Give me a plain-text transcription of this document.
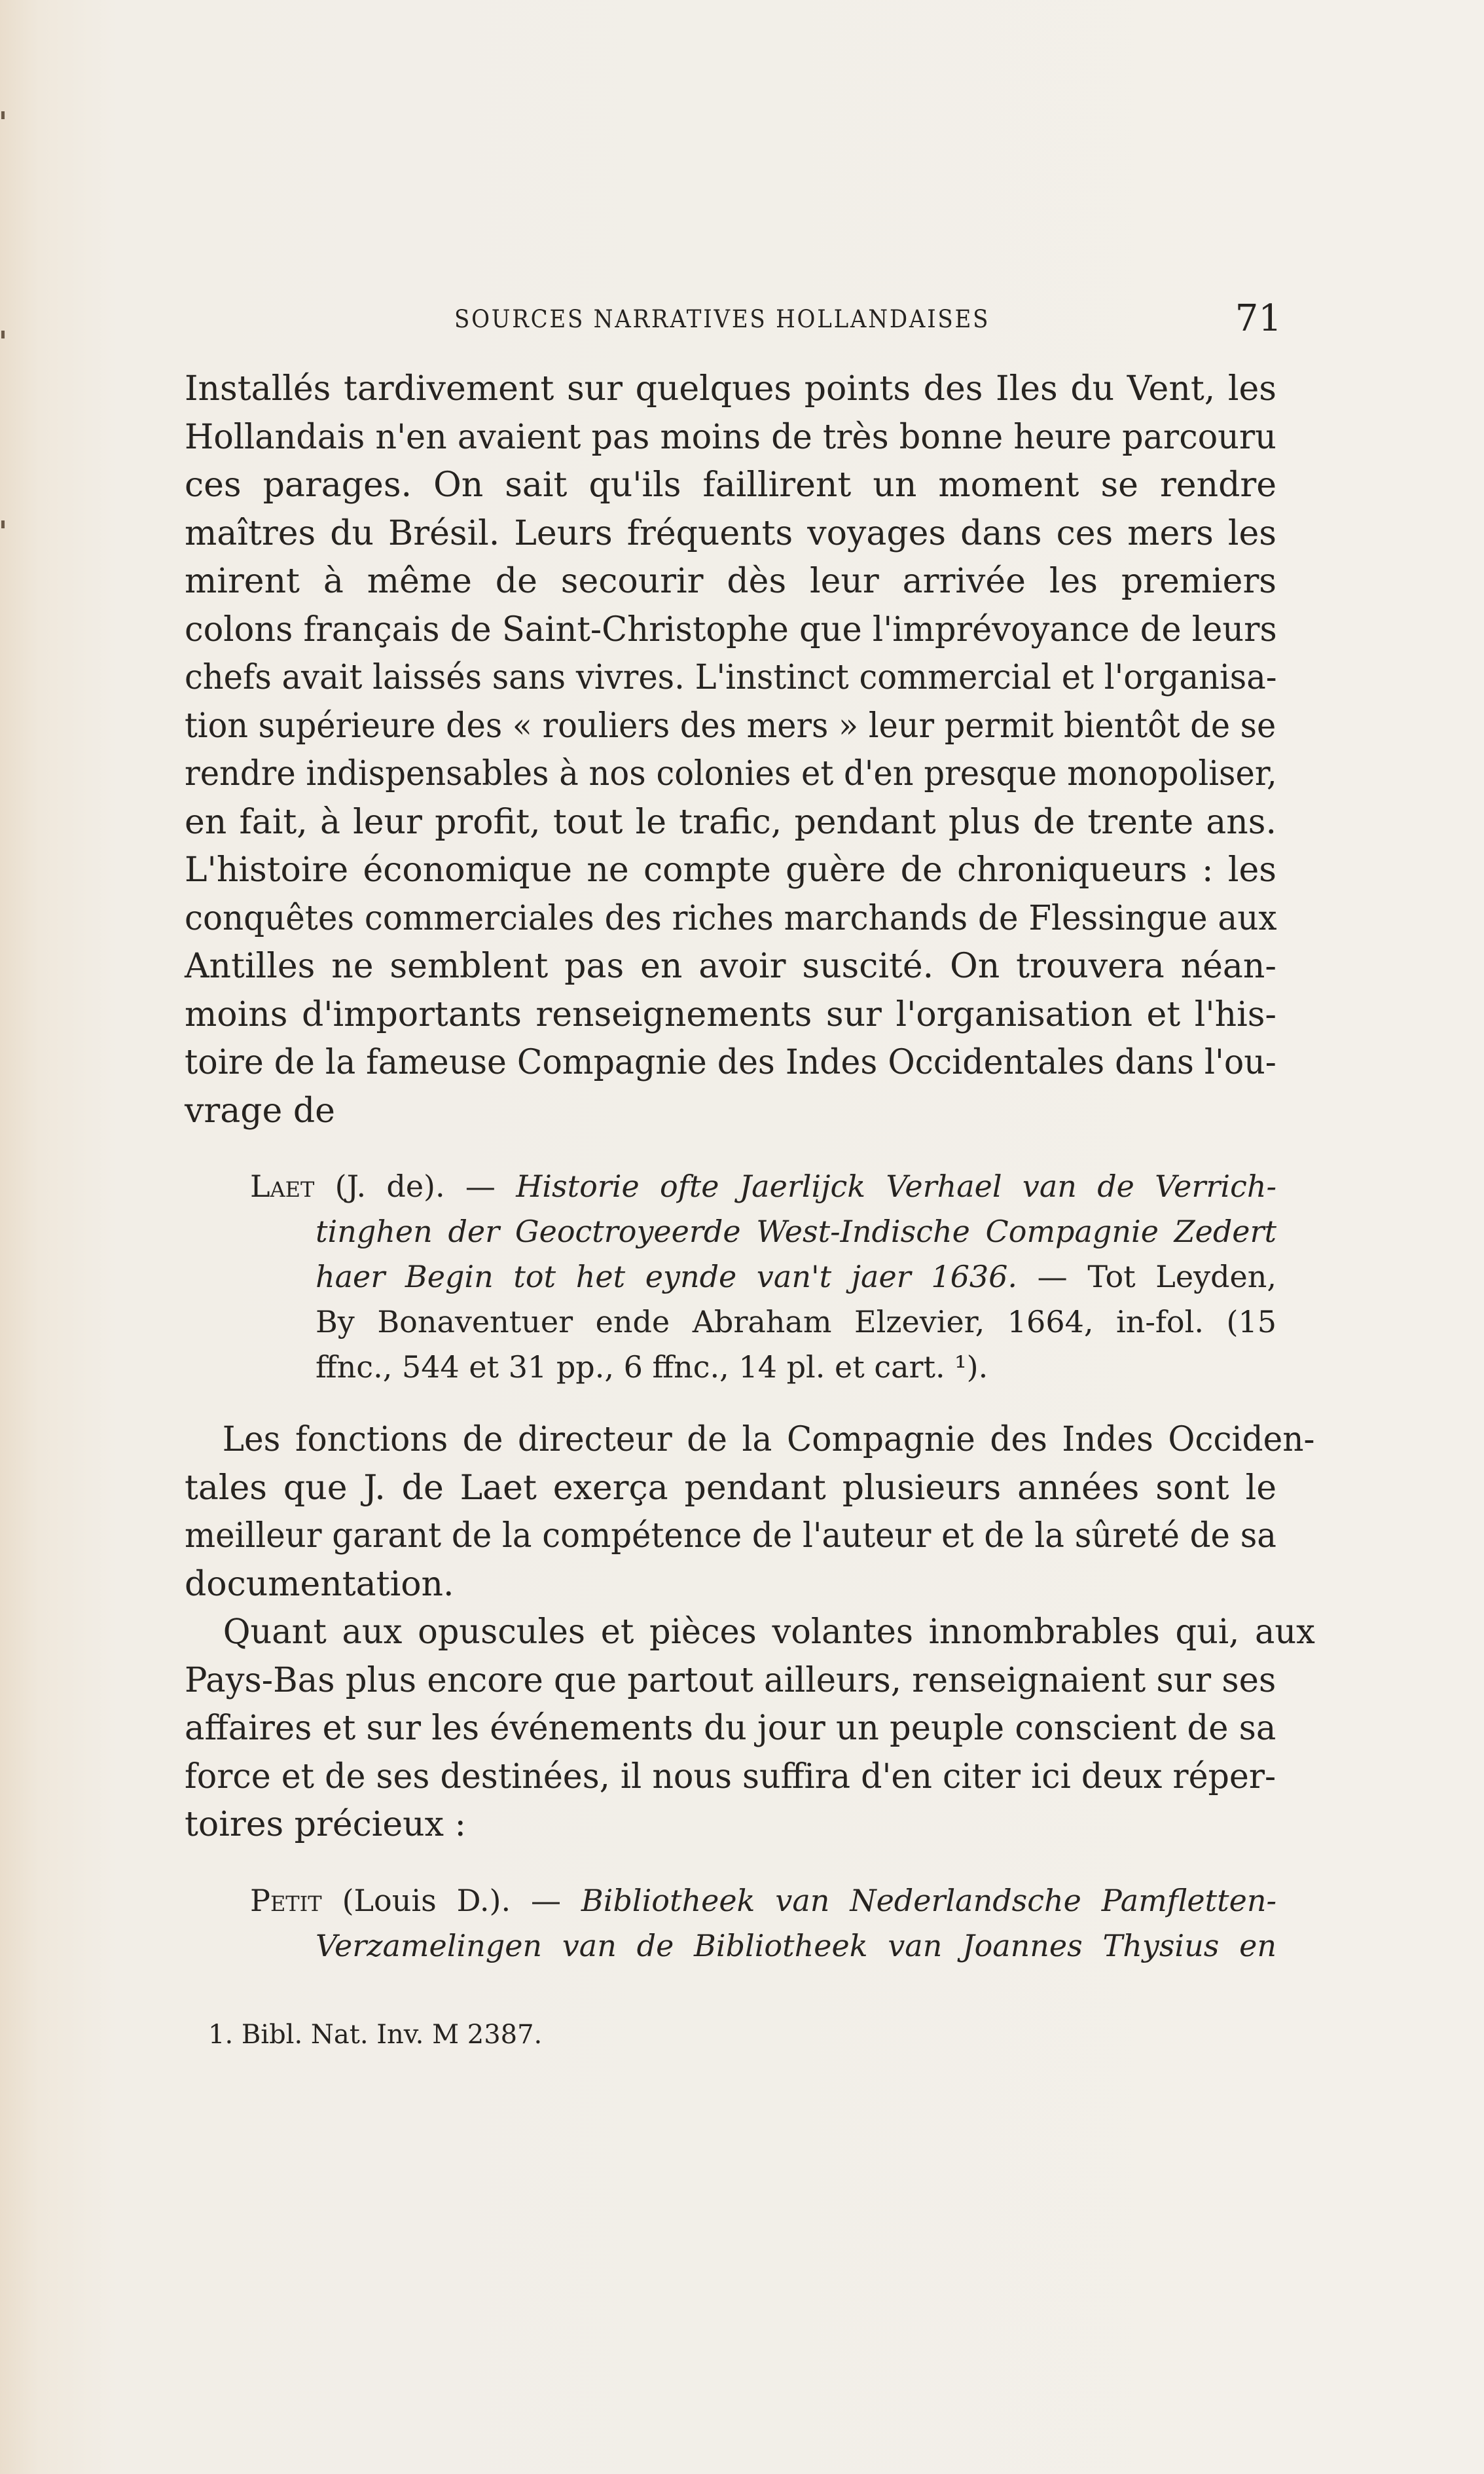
SOURCES NARRATIVES HOLLANDAISES	71
Installés tardivement sur quelques points des Iles du Vent, les
Hollandais n'en avaient pas moins de très bonne heure parcouru
ces parages. On sait qu'ils faillirent un moment se rendre
maîtres du Brésil. Leurs fréquents voyages dans ces mers les
mirent à même de secourir dès leur arrivée les premiers
colons français de Saint-Christophe que l'imprévoyance de leurs
chefs avait laissés sans vivres. L'instinct commercial et l'organisa-
tion supérieure des « rouliers des mers » leur permit bientôt de se
rendre indispensables à nos colonies et d'en presque monopoliser,
en fait, à leur profit, tout le trafic, pendant plus de trente ans.
L'histoire économique ne compte guère de chroniqueurs : les
conquêtes commerciales des riches marchands de Flessingue aux
Antilles ne semblent pas en avoir suscité. On trouvera néan-
moins d'importants renseignements sur l'organisation et l'his-
toire de la fameuse Compagnie des Indes Occidentales dans l'ou-
vrage de
Laet (J. de). — Historie ofte Jaerlijck Verhael van de Verrich-
tinghen der Geoctroyeerde West-Indische Compagnie Zedert
haer Begin tot het eynde van't jaer 1636. — Tot Leyden,
By Bonaventuer ende Abraham Elzevier, 1664, in-fol. (15
ffnc., 544 et 31 pp., 6 ffnc., 14 pl. et cart. ¹).
Les fonctions de directeur de la Compagnie des Indes Occiden-
tales que J. de Laet exerça pendant plusieurs années sont le
meilleur garant de la compétence de l'auteur et de la sûreté de sa
documentation.
Quant aux opuscules et pièces volantes innombrables qui, aux
Pays-Bas plus encore que partout ailleurs, renseignaient sur ses
affaires et sur les événements du jour un peuple conscient de sa
force et de ses destinées, il nous suffira d'en citer ici deux réper-
toires précieux :
Petit (Louis D.). — Bibliotheek van Nederlandsche Pamfletten-
Verzamelingen van de Bibliotheek van Joannes Thysius en
1. Bibl. Nat. Inv. M 2387.
